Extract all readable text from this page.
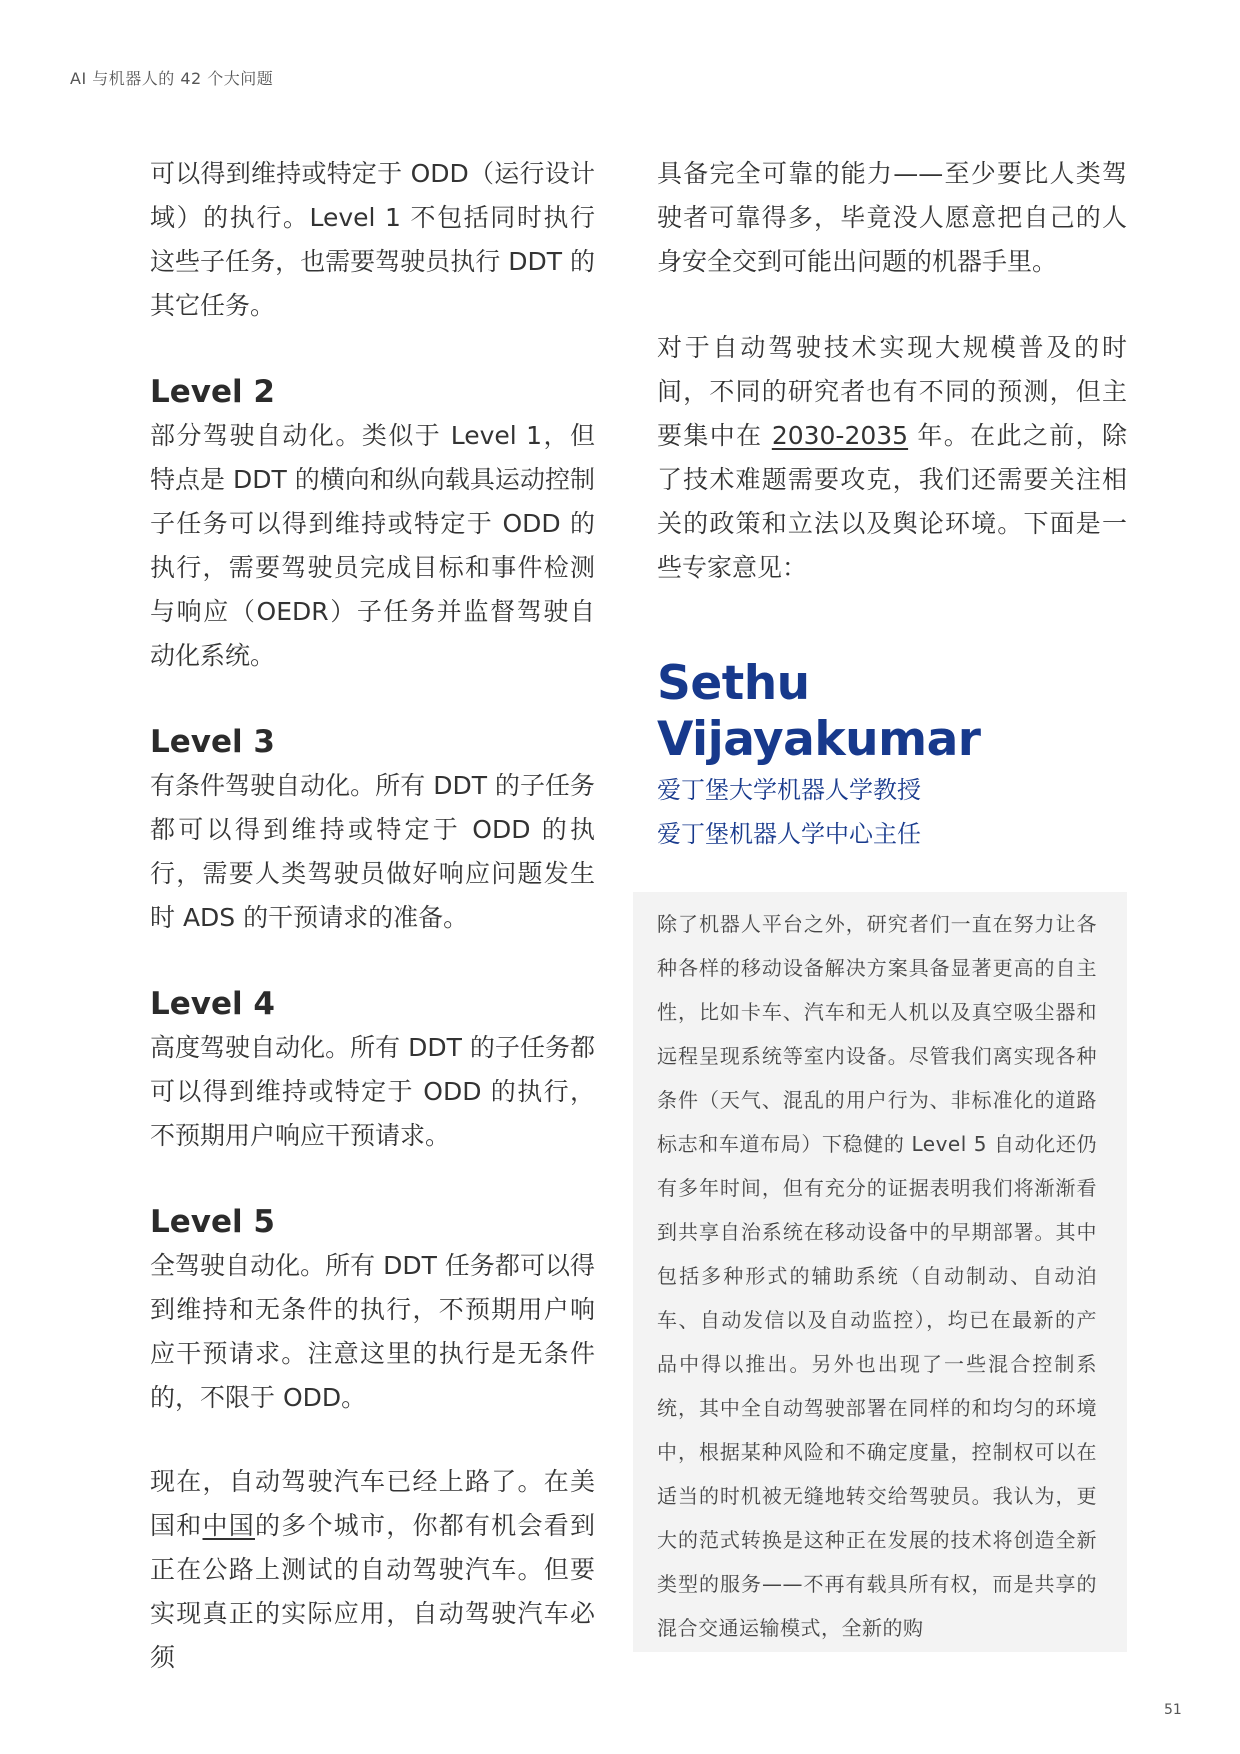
AI 与机器人的 42 个大问题

可以得到维持或特定于 ODD（运行设计域）的执行。Level 1 不包括同时执行这些子任务，也需要驾驶员执行 DDT 的其它任务。

Level 2

部分驾驶自动化。类似于 Level 1，但特点是 DDT 的横向和纵向载具运动控制子任务可以得到维持或特定于 ODD 的执行，需要驾驶员完成目标和事件检测与响应（OEDR）子任务并监督驾驶自动化系统。

Level 3

有条件驾驶自动化。所有 DDT 的子任务都可以得到维持或特定于 ODD 的执行，需要人类驾驶员做好响应问题发生时 ADS 的干预请求的准备。

Level 4

高度驾驶自动化。所有 DDT 的子任务都可以得到维持或特定于 ODD 的执行，不预期用户响应干预请求。

Level 5

全驾驶自动化。所有 DDT 任务都可以得到维持和无条件的执行，不预期用户响应干预请求。注意这里的执行是无条件的，不限于 ODD。

现在，自动驾驶汽车已经上路了。在美国和中国的多个城市，你都有机会看到正在公路上测试的自动驾驶汽车。但要实现真正的实际应用，自动驾驶汽车必须

具备完全可靠的能力——至少要比人类驾驶者可靠得多，毕竟没人愿意把自己的人身安全交到可能出问题的机器手里。

对于自动驾驶技术实现大规模普及的时间，不同的研究者也有不同的预测，但主要集中在 2030-2035 年。在此之前，除了技术难题需要攻克，我们还需要关注相关的政策和立法以及舆论环境。下面是一些专家意见：

Sethu Vijayakumar

爱丁堡大学机器人学教授

爱丁堡机器人学中心主任

除了机器人平台之外，研究者们一直在努力让各种各样的移动设备解决方案具备显著更高的自主性，比如卡车、汽车和无人机以及真空吸尘器和远程呈现系统等室内设备。尽管我们离实现各种条件（天气、混乱的用户行为、非标准化的道路标志和车道布局）下稳健的 Level 5 自动化还仍有多年时间，但有充分的证据表明我们将渐渐看到共享自治系统在移动设备中的早期部署。其中包括多种形式的辅助系统（自动制动、自动泊车、自动发信以及自动监控），均已在最新的产品中得以推出。另外也出现了一些混合控制系统，其中全自动驾驶部署在同样的和均匀的环境中，根据某种风险和不确定度量，控制权可以在适当的时机被无缝地转交给驾驶员。我认为，更大的范式转换是这种正在发展的技术将创造全新类型的服务——不再有载具所有权，而是共享的混合交通运输模式，全新的购

51
